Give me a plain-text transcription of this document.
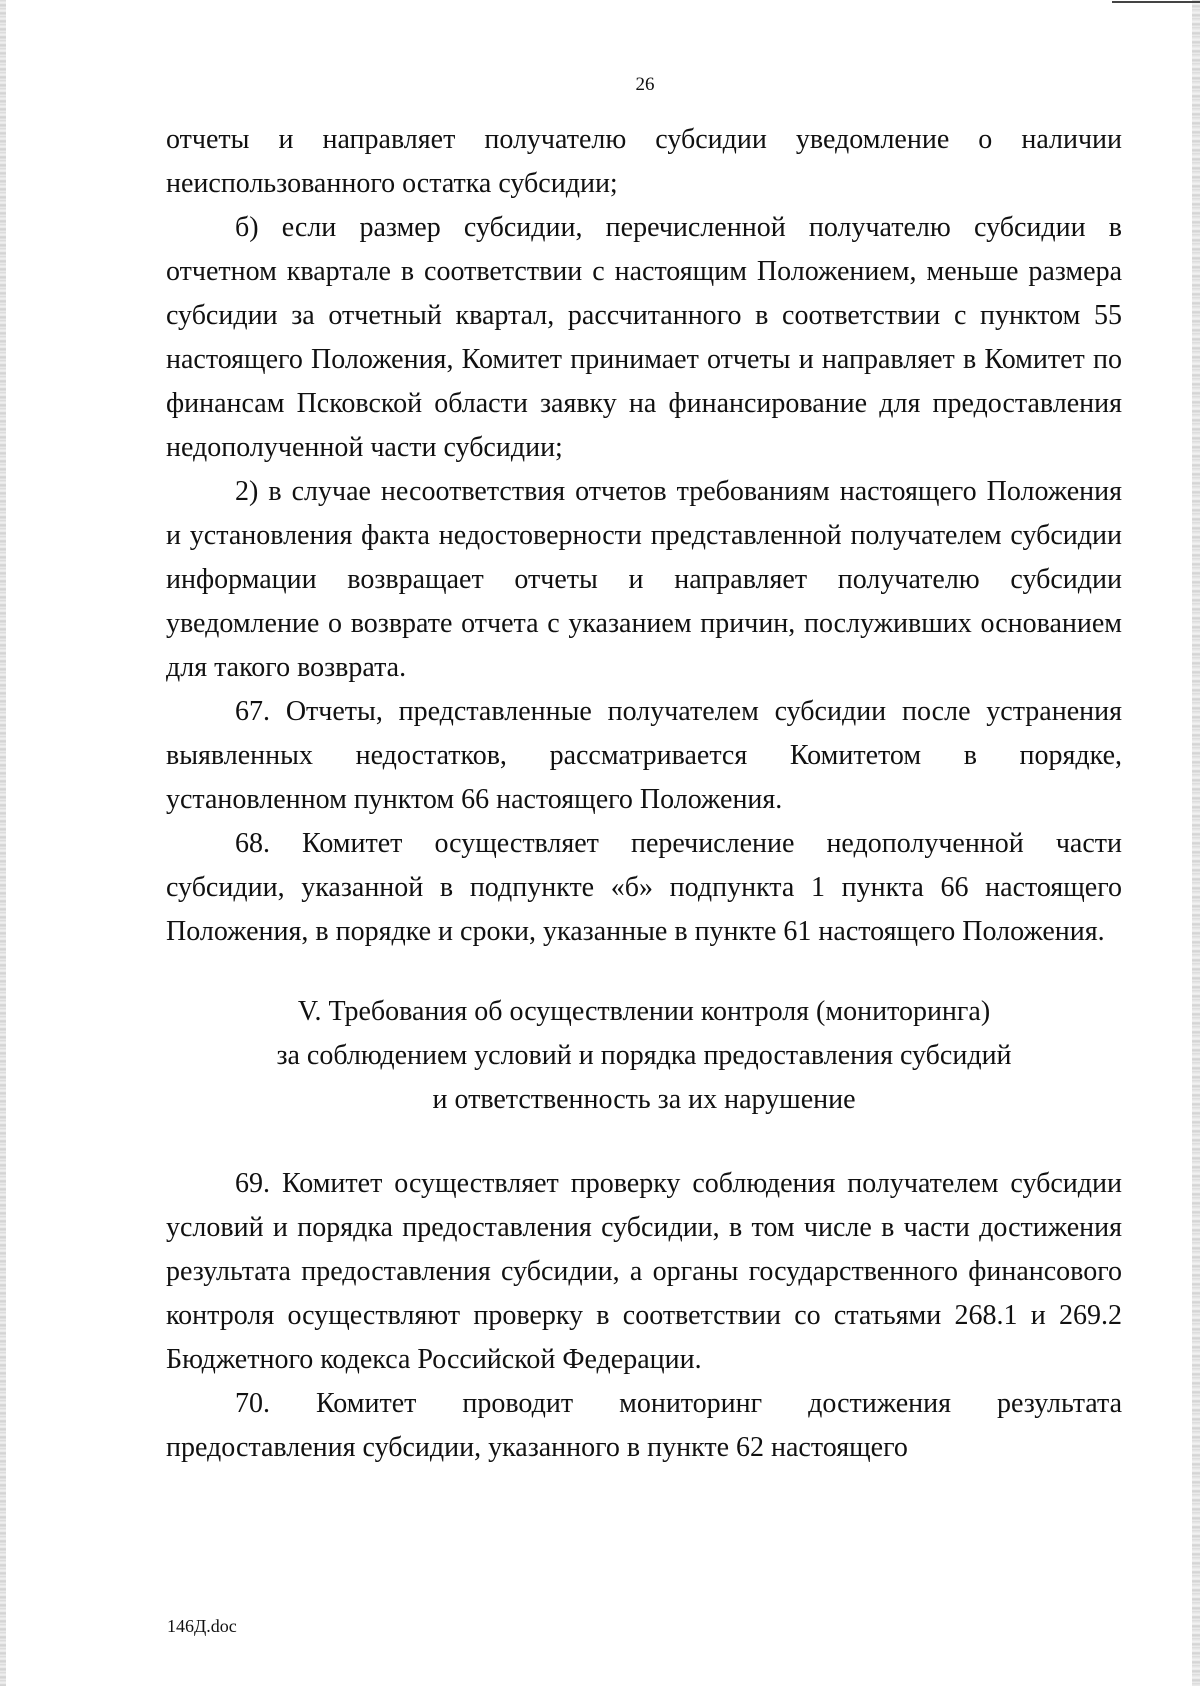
26

отчеты и направляет получателю субсидии уведомление о наличии неиспользованного остатка субсидии;

б) если размер субсидии, перечисленной получателю субсидии в отчетном квартале в соответствии с настоящим Положением, меньше размера субсидии за отчетный квартал, рассчитанного в соответствии с пунктом 55 настоящего Положения, Комитет принимает отчеты и направляет в Комитет по финансам Псковской области заявку на финансирование для предоставления недополученной части субсидии;

2) в случае несоответствия отчетов требованиям настоящего Положения и установления факта недостоверности представленной получателем субсидии информации возвращает отчеты и направляет получателю субсидии уведомление о возврате отчета с указанием причин, послуживших основанием для такого возврата.

67. Отчеты, представленные получателем субсидии после устранения выявленных недостатков, рассматривается Комитетом в порядке, установленном пунктом 66 настоящего Положения.

68. Комитет осуществляет перечисление недополученной части субсидии, указанной в подпункте «б» подпункта 1 пункта 66 настоящего Положения, в порядке и сроки, указанные в пункте 61 настоящего Положения.

V. Требования об осуществлении контроля (мониторинга)
за соблюдением условий и порядка предоставления субсидий
и ответственность за их нарушение

69. Комитет осуществляет проверку соблюдения получателем субсидии условий и порядка предоставления субсидии, в том числе в части достижения результата предоставления субсидии, а органы государственного финансового контроля осуществляют проверку в соответствии со статьями 268.1 и 269.2 Бюджетного кодекса Российской Федерации.

70. Комитет проводит мониторинг достижения результата предоставления субсидии, указанного в пункте 62 настоящего

146Д.doc
